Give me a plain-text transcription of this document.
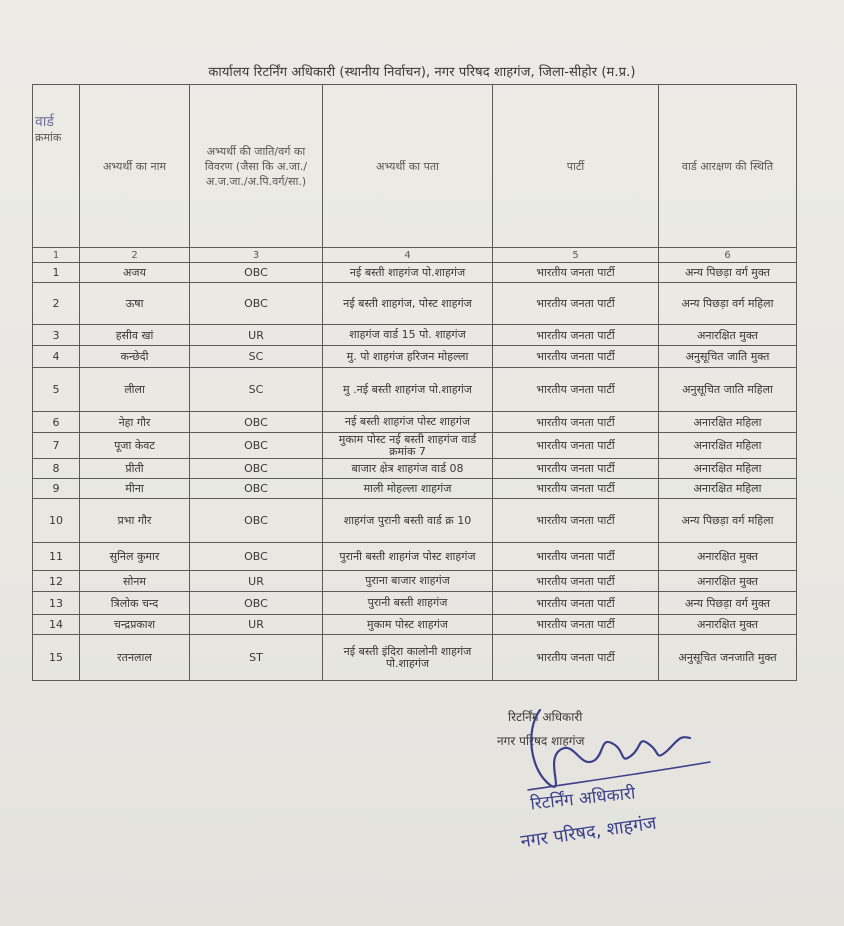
कार्यालय रिटर्निंग अधिकारी (स्थानीय निर्वाचन), नगर परिषद शाहगंज, जिला-सीहोर (म.प्र.)
वार्ड
क्रमांक	अभ्यर्थी का नाम	अभ्यर्थी की जाति/वर्ग का विवरण (जैसा कि अ.जा./अ.ज.जा./अ.पि.वर्ग/सा.)	अभ्यर्थी का पता	पार्टी	वार्ड आरक्षण की स्थिति
1	2	3	4	5	6
1	अजय	OBC	नई बस्ती शाहगंज पो.शाहगंज	भारतीय जनता पार्टी	अन्य पिछड़ा वर्ग मुक्त
2	ऊषा	OBC	नई बस्ती शाहगंज, पोस्ट शाहगंज	भारतीय जनता पार्टी	अन्य पिछड़ा वर्ग महिला
3	हसीव खां	UR	शाहगंज वार्ड 15 पो. शाहगंज	भारतीय जनता पार्टी	अनारक्षित मुक्त
4	कन्छेदी	SC	मु. पो शाहगंज हरिजन मोहल्ला	भारतीय जनता पार्टी	अनुसूचित जाति मुक्त
5	लीला	SC	मु .नई बस्ती शाहगंज पो.शाहगंज	भारतीय जनता पार्टी	अनुसूचित जाति महिला
6	नेहा गौर	OBC	नई बस्ती शाहगंज पोस्ट शाहगंज	भारतीय जनता पार्टी	अनारक्षित महिला
7	पूजा केवट	OBC	मुकाम पोस्ट नई बस्ती शाहगंज वार्ड क्रमांक 7	भारतीय जनता पार्टी	अनारक्षित महिला
8	प्रीती	OBC	बाजार क्षेत्र शाहगंज वार्ड 08	भारतीय जनता पार्टी	अनारक्षित महिला
9	मीना	OBC	माली मोहल्ला शाहगंज	भारतीय जनता पार्टी	अनारक्षित महिला
10	प्रभा गौर	OBC	शाहगंज पुरानी बस्ती वार्ड क्र 10	भारतीय जनता पार्टी	अन्य पिछड़ा वर्ग महिला
11	सुनिल कुमार	OBC	पुरानी बस्ती शाहगंज पोस्ट शाहगंज	भारतीय जनता पार्टी	अनारक्षित मुक्त
12	सोनम	UR	पुराना बाजार शाहगंज	भारतीय जनता पार्टी	अनारक्षित मुक्त
13	त्रिलोक चन्द	OBC	पुरानी बस्ती शाहगंज	भारतीय जनता पार्टी	अन्य पिछड़ा वर्ग मुक्त
14	चन्द्रप्रकाश	UR	मुकाम पोस्ट शाहगंज	भारतीय जनता पार्टी	अनारक्षित मुक्त
15	रतनलाल	ST	नई बस्ती इंदिरा कालोनी शाहगंज पो.शाहगंज	भारतीय जनता पार्टी	अनुसूचित जनजाति मुक्त
रिटर्निंग अधिकारी
नगर परिषद शाहगंज
रिटर्निंग अधिकारी
नगर परिषद, शाहगंज
